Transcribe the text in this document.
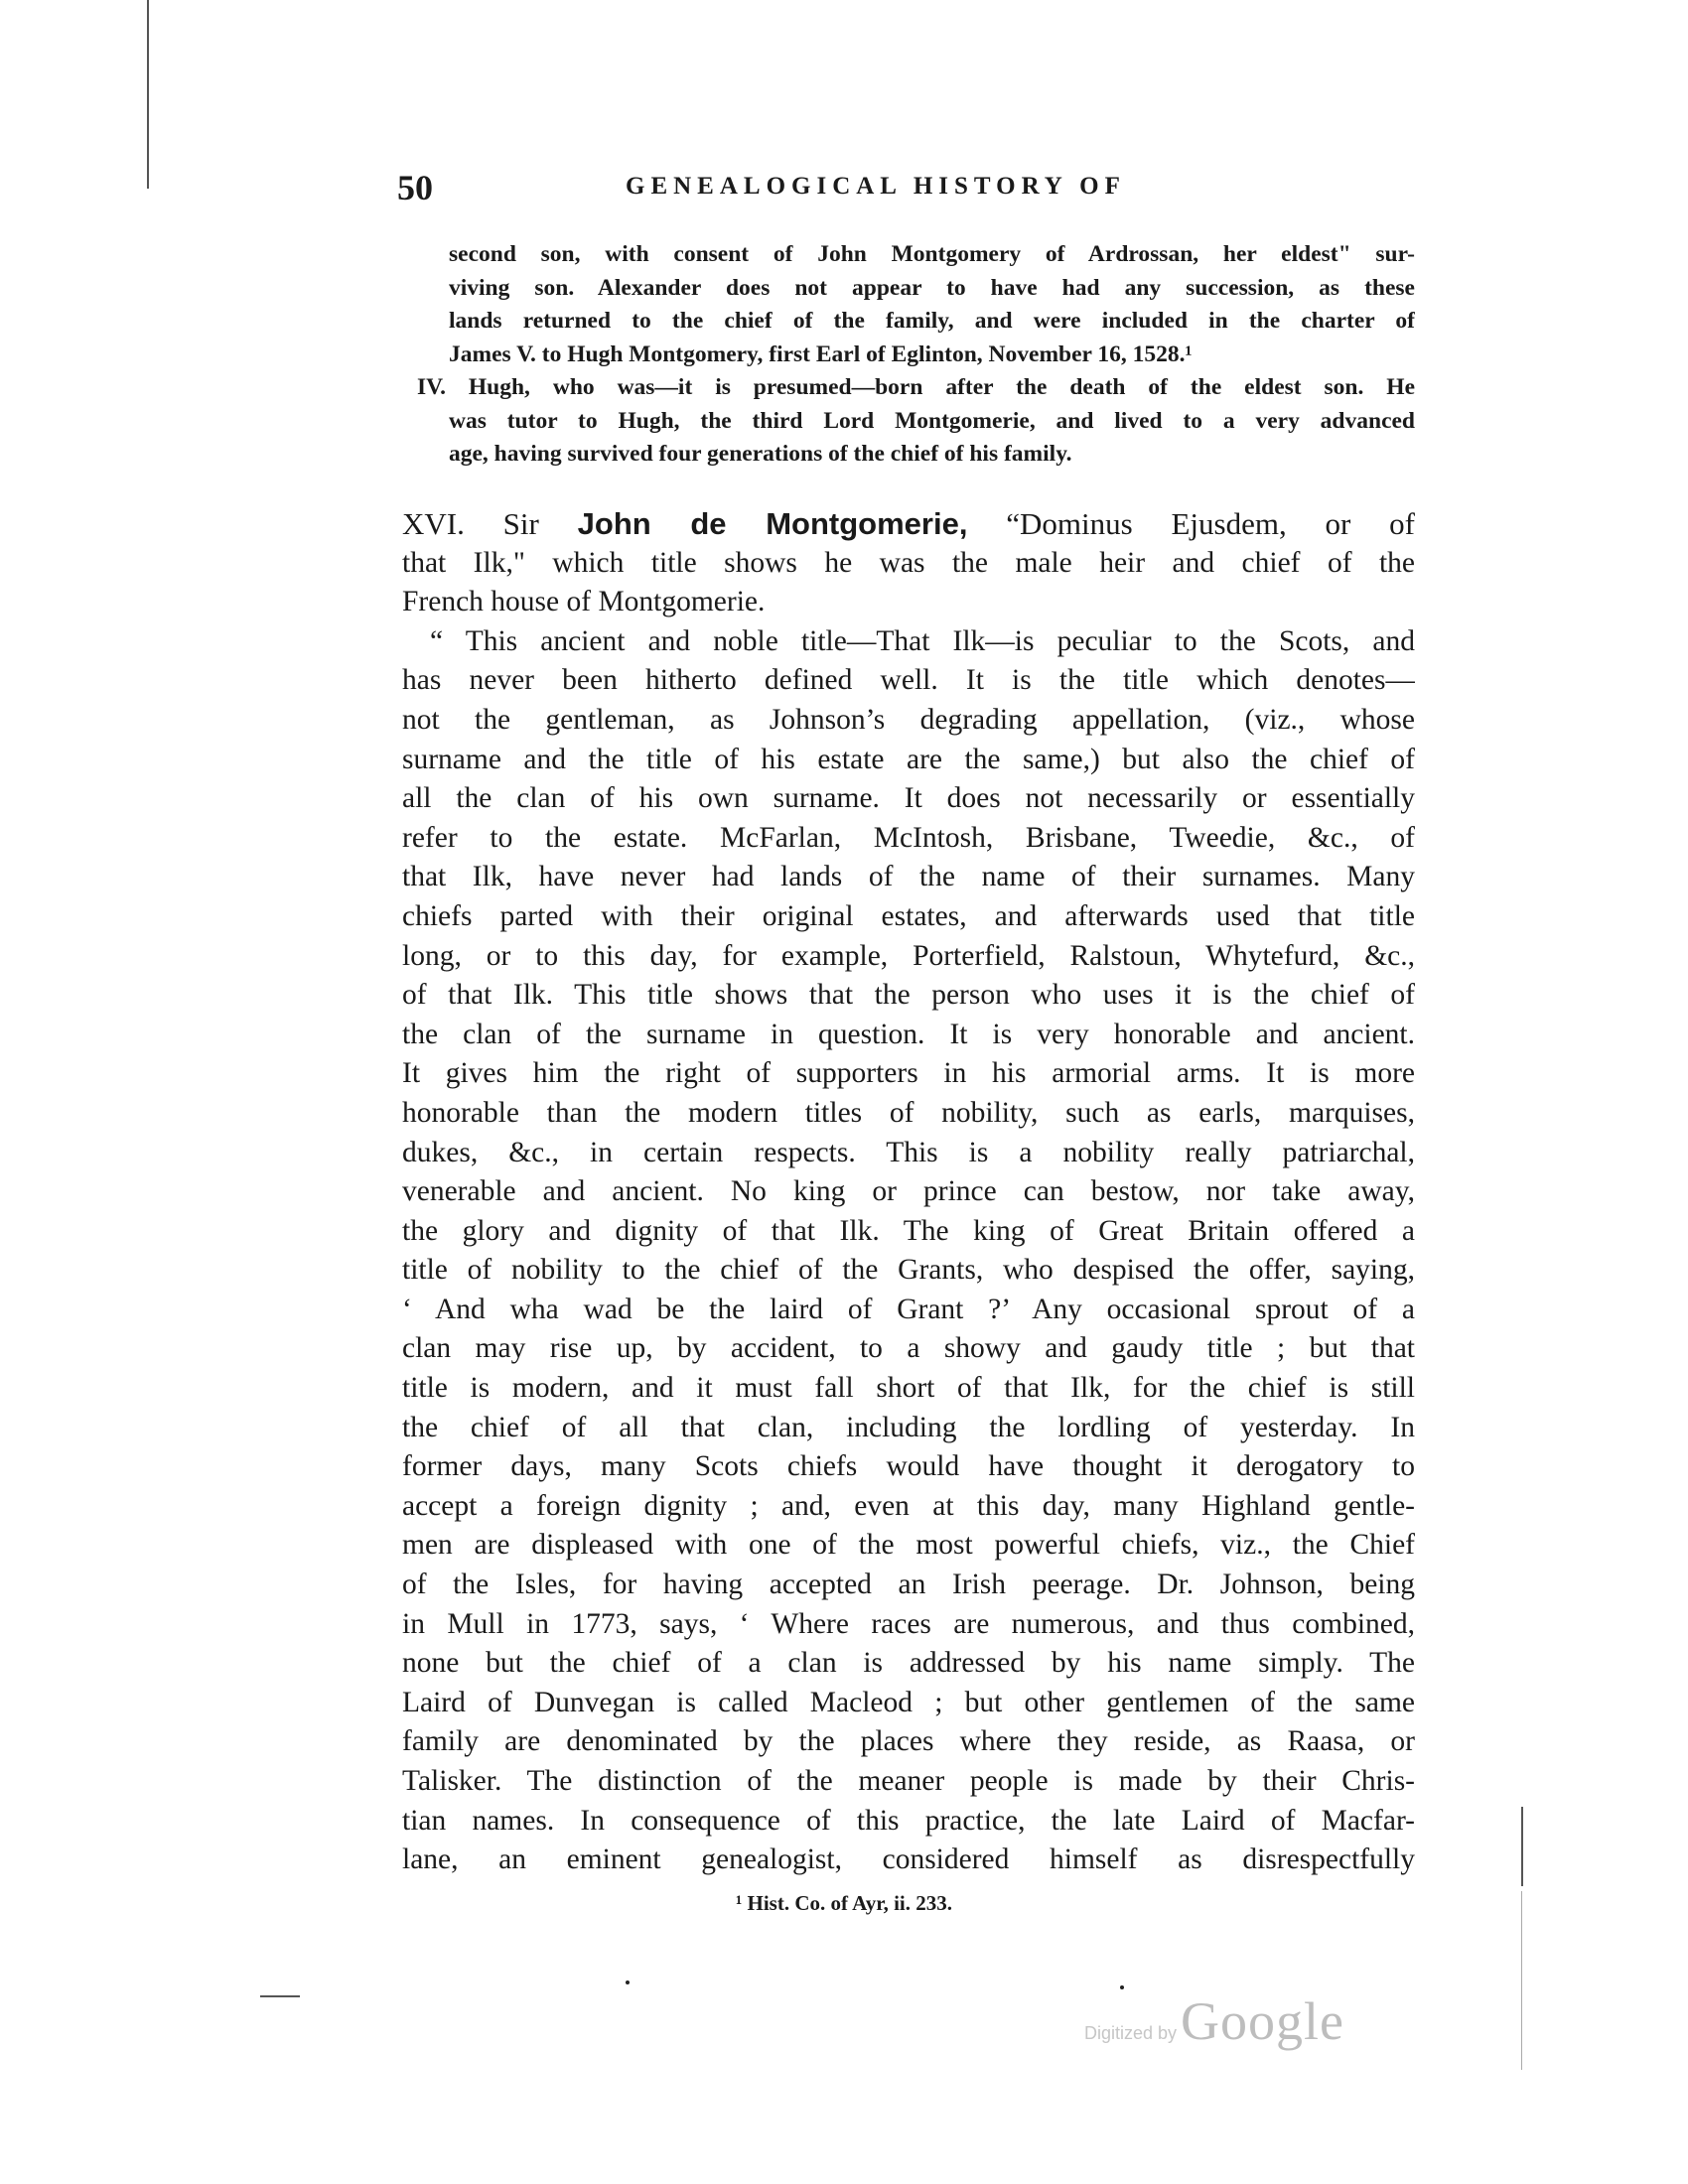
50	GENEALOGICAL HISTORY OF
second son, with consent of John Montgomery of Ardrossan, her eldest" sur-
viving son. Alexander does not appear to have had any succession, as these
lands returned to the chief of the family, and were included in the charter of
James V. to Hugh Montgomery, first Earl of Eglinton, November 16, 1528.¹
IV. Hugh, who was—it is presumed—born after the death of the eldest son. He
was tutor to Hugh, the third Lord Montgomerie, and lived to a very advanced
age, having survived four generations of the chief of his family.
XVI. Sir John de Montgomerie, “Dominus Ejusdem, or of
that Ilk," which title shows he was the male heir and chief of the
French house of Montgomerie.
“ This ancient and noble title—That Ilk—is peculiar to the Scots, and
has never been hitherto defined well. It is the title which denotes—
not the gentleman, as Johnson’s degrading appellation, (viz., whose
surname and the title of his estate are the same,) but also the chief of
all the clan of his own surname. It does not necessarily or essentially
refer to the estate. McFarlan, McIntosh, Brisbane, Tweedie, &c., of
that Ilk, have never had lands of the name of their surnames. Many
chiefs parted with their original estates, and afterwards used that title
long, or to this day, for example, Porterfield, Ralstoun, Whytefurd, &c.,
of that Ilk. This title shows that the person who uses it is the chief of
the clan of the surname in question. It is very honorable and ancient.
It gives him the right of supporters in his armorial arms. It is more
honorable than the modern titles of nobility, such as earls, marquises,
dukes, &c., in certain respects. This is a nobility really patriarchal,
venerable and ancient. No king or prince can bestow, nor take away,
the glory and dignity of that Ilk. The king of Great Britain offered a
title of nobility to the chief of the Grants, who despised the offer, saying,
‘ And wha wad be the laird of Grant ?’ Any occasional sprout of a
clan may rise up, by accident, to a showy and gaudy title ; but that
title is modern, and it must fall short of that Ilk, for the chief is still
the chief of all that clan, including the lordling of yesterday. In
former days, many Scots chiefs would have thought it derogatory to
accept a foreign dignity ; and, even at this day, many Highland gentle-
men are displeased with one of the most powerful chiefs, viz., the Chief
of the Isles, for having accepted an Irish peerage. Dr. Johnson, being
in Mull in 1773, says, ‘ Where races are numerous, and thus combined,
none but the chief of a clan is addressed by his name simply. The
Laird of Dunvegan is called Macleod ; but other gentlemen of the same
family are denominated by the places where they reside, as Raasa, or
Talisker. The distinction of the meaner people is made by their Chris-
tian names. In consequence of this practice, the late Laird of Macfar-
lane, an eminent genealogist, considered himself as disrespectfully
¹ Hist. Co. of Ayr, ii. 233.
Digitized by Google
